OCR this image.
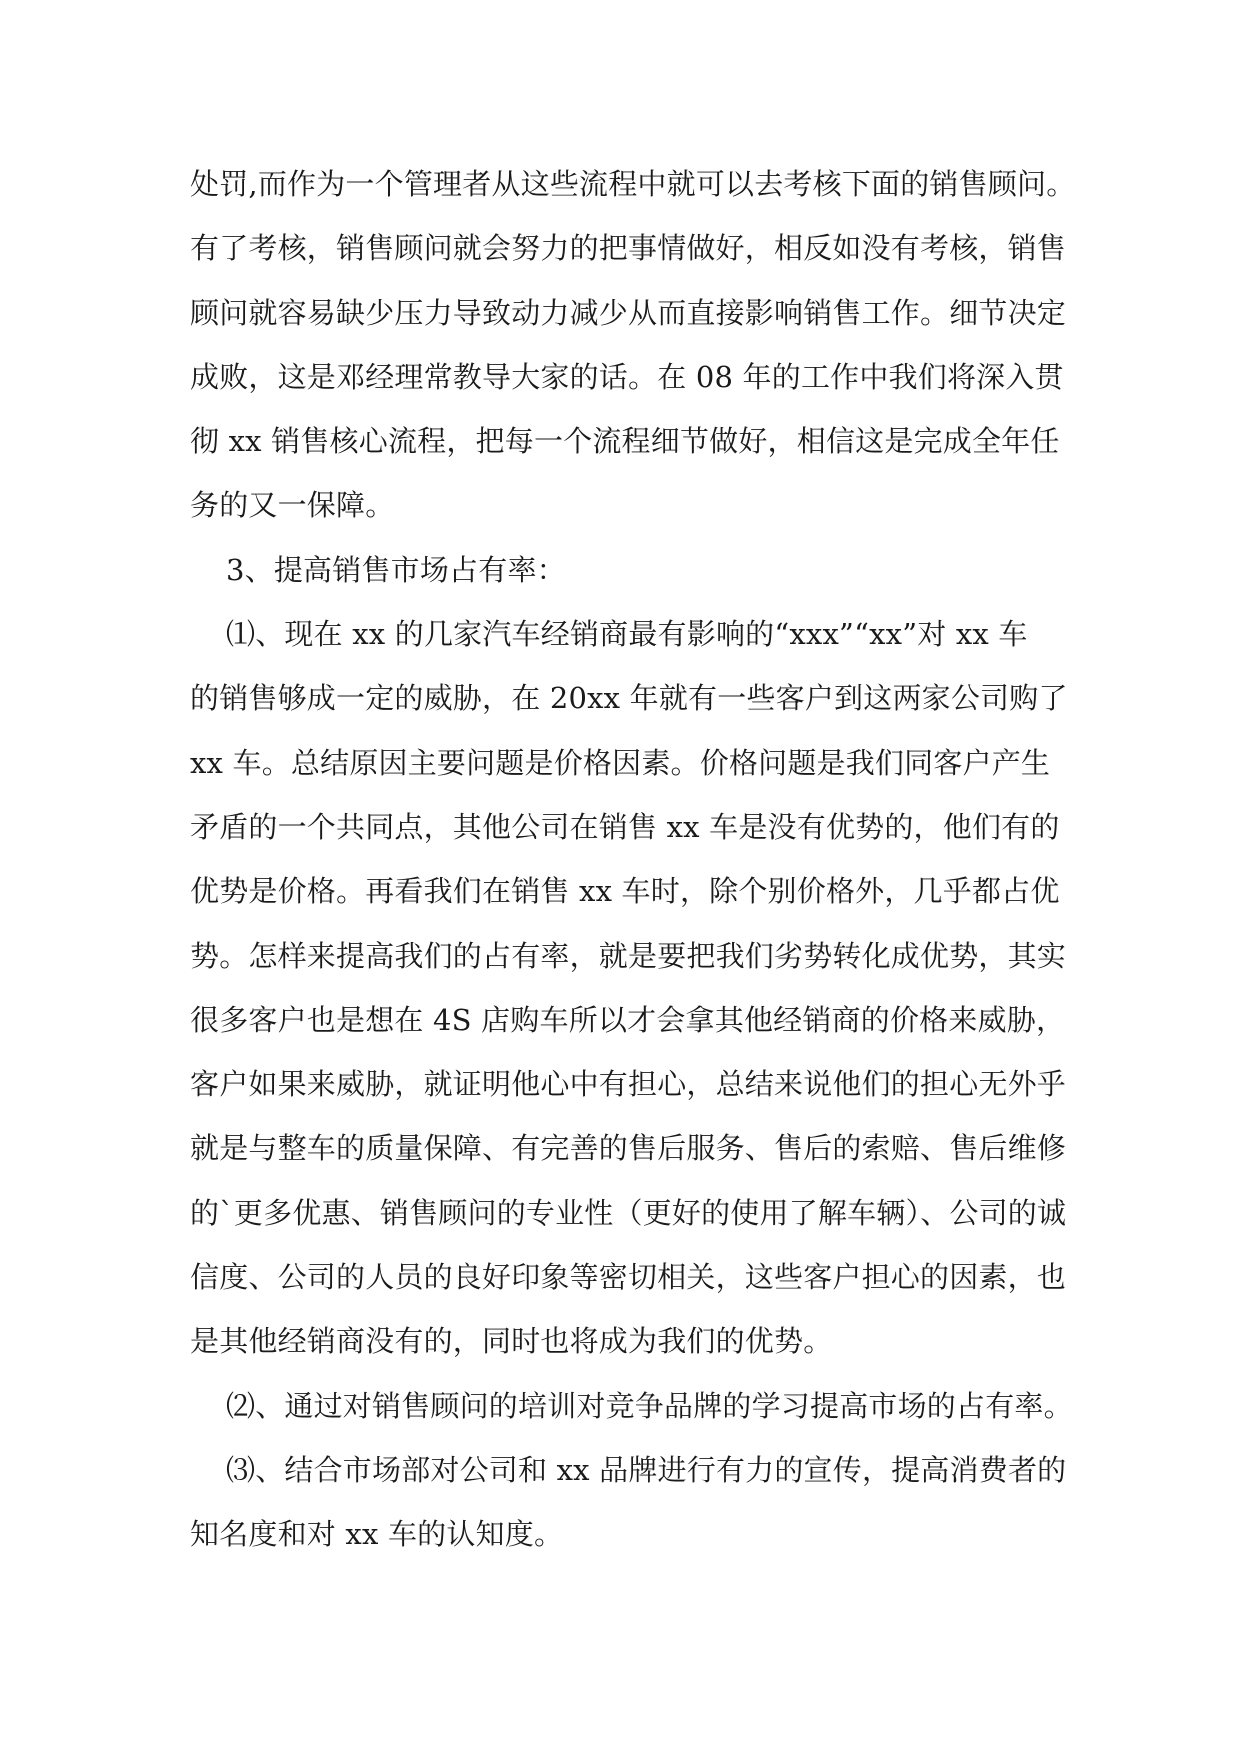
处罚,而作为一个管理者从这些流程中就可以去考核下面的销售顾问。
有了考核，销售顾问就会努力的把事情做好，相反如没有考核，销售
顾问就容易缺少压力导致动力减少从而直接影响销售工作。细节决定
成败，这是邓经理常教导大家的话。在 08 年的工作中我们将深入贯
彻 xx 销售核心流程，把每一个流程细节做好，相信这是完成全年任
务的又一保障。
3、提高销售市场占有率：
⑴、现在 xx 的几家汽车经销商最有影响的“xxx”“xx”对 xx 车
的销售够成一定的威胁，在 20xx 年就有一些客户到这两家公司购了
xx 车。总结原因主要问题是价格因素。价格问题是我们同客户产生
矛盾的一个共同点，其他公司在销售 xx 车是没有优势的，他们有的
优势是价格。再看我们在销售 xx 车时，除个别价格外，几乎都占优
势。怎样来提高我们的占有率，就是要把我们劣势转化成优势，其实
很多客户也是想在 4S 店购车所以才会拿其他经销商的价格来威胁，
客户如果来威胁，就证明他心中有担心，总结来说他们的担心无外乎
就是与整车的质量保障、有完善的售后服务、售后的索赔、售后维修
的`更多优惠、销售顾问的专业性（更好的使用了解车辆）、公司的诚
信度、公司的人员的良好印象等密切相关，这些客户担心的因素，也
是其他经销商没有的，同时也将成为我们的优势。
⑵、通过对销售顾问的培训对竞争品牌的学习提高市场的占有率。
⑶、结合市场部对公司和 xx 品牌进行有力的宣传，提高消费者的
知名度和对 xx 车的认知度。
